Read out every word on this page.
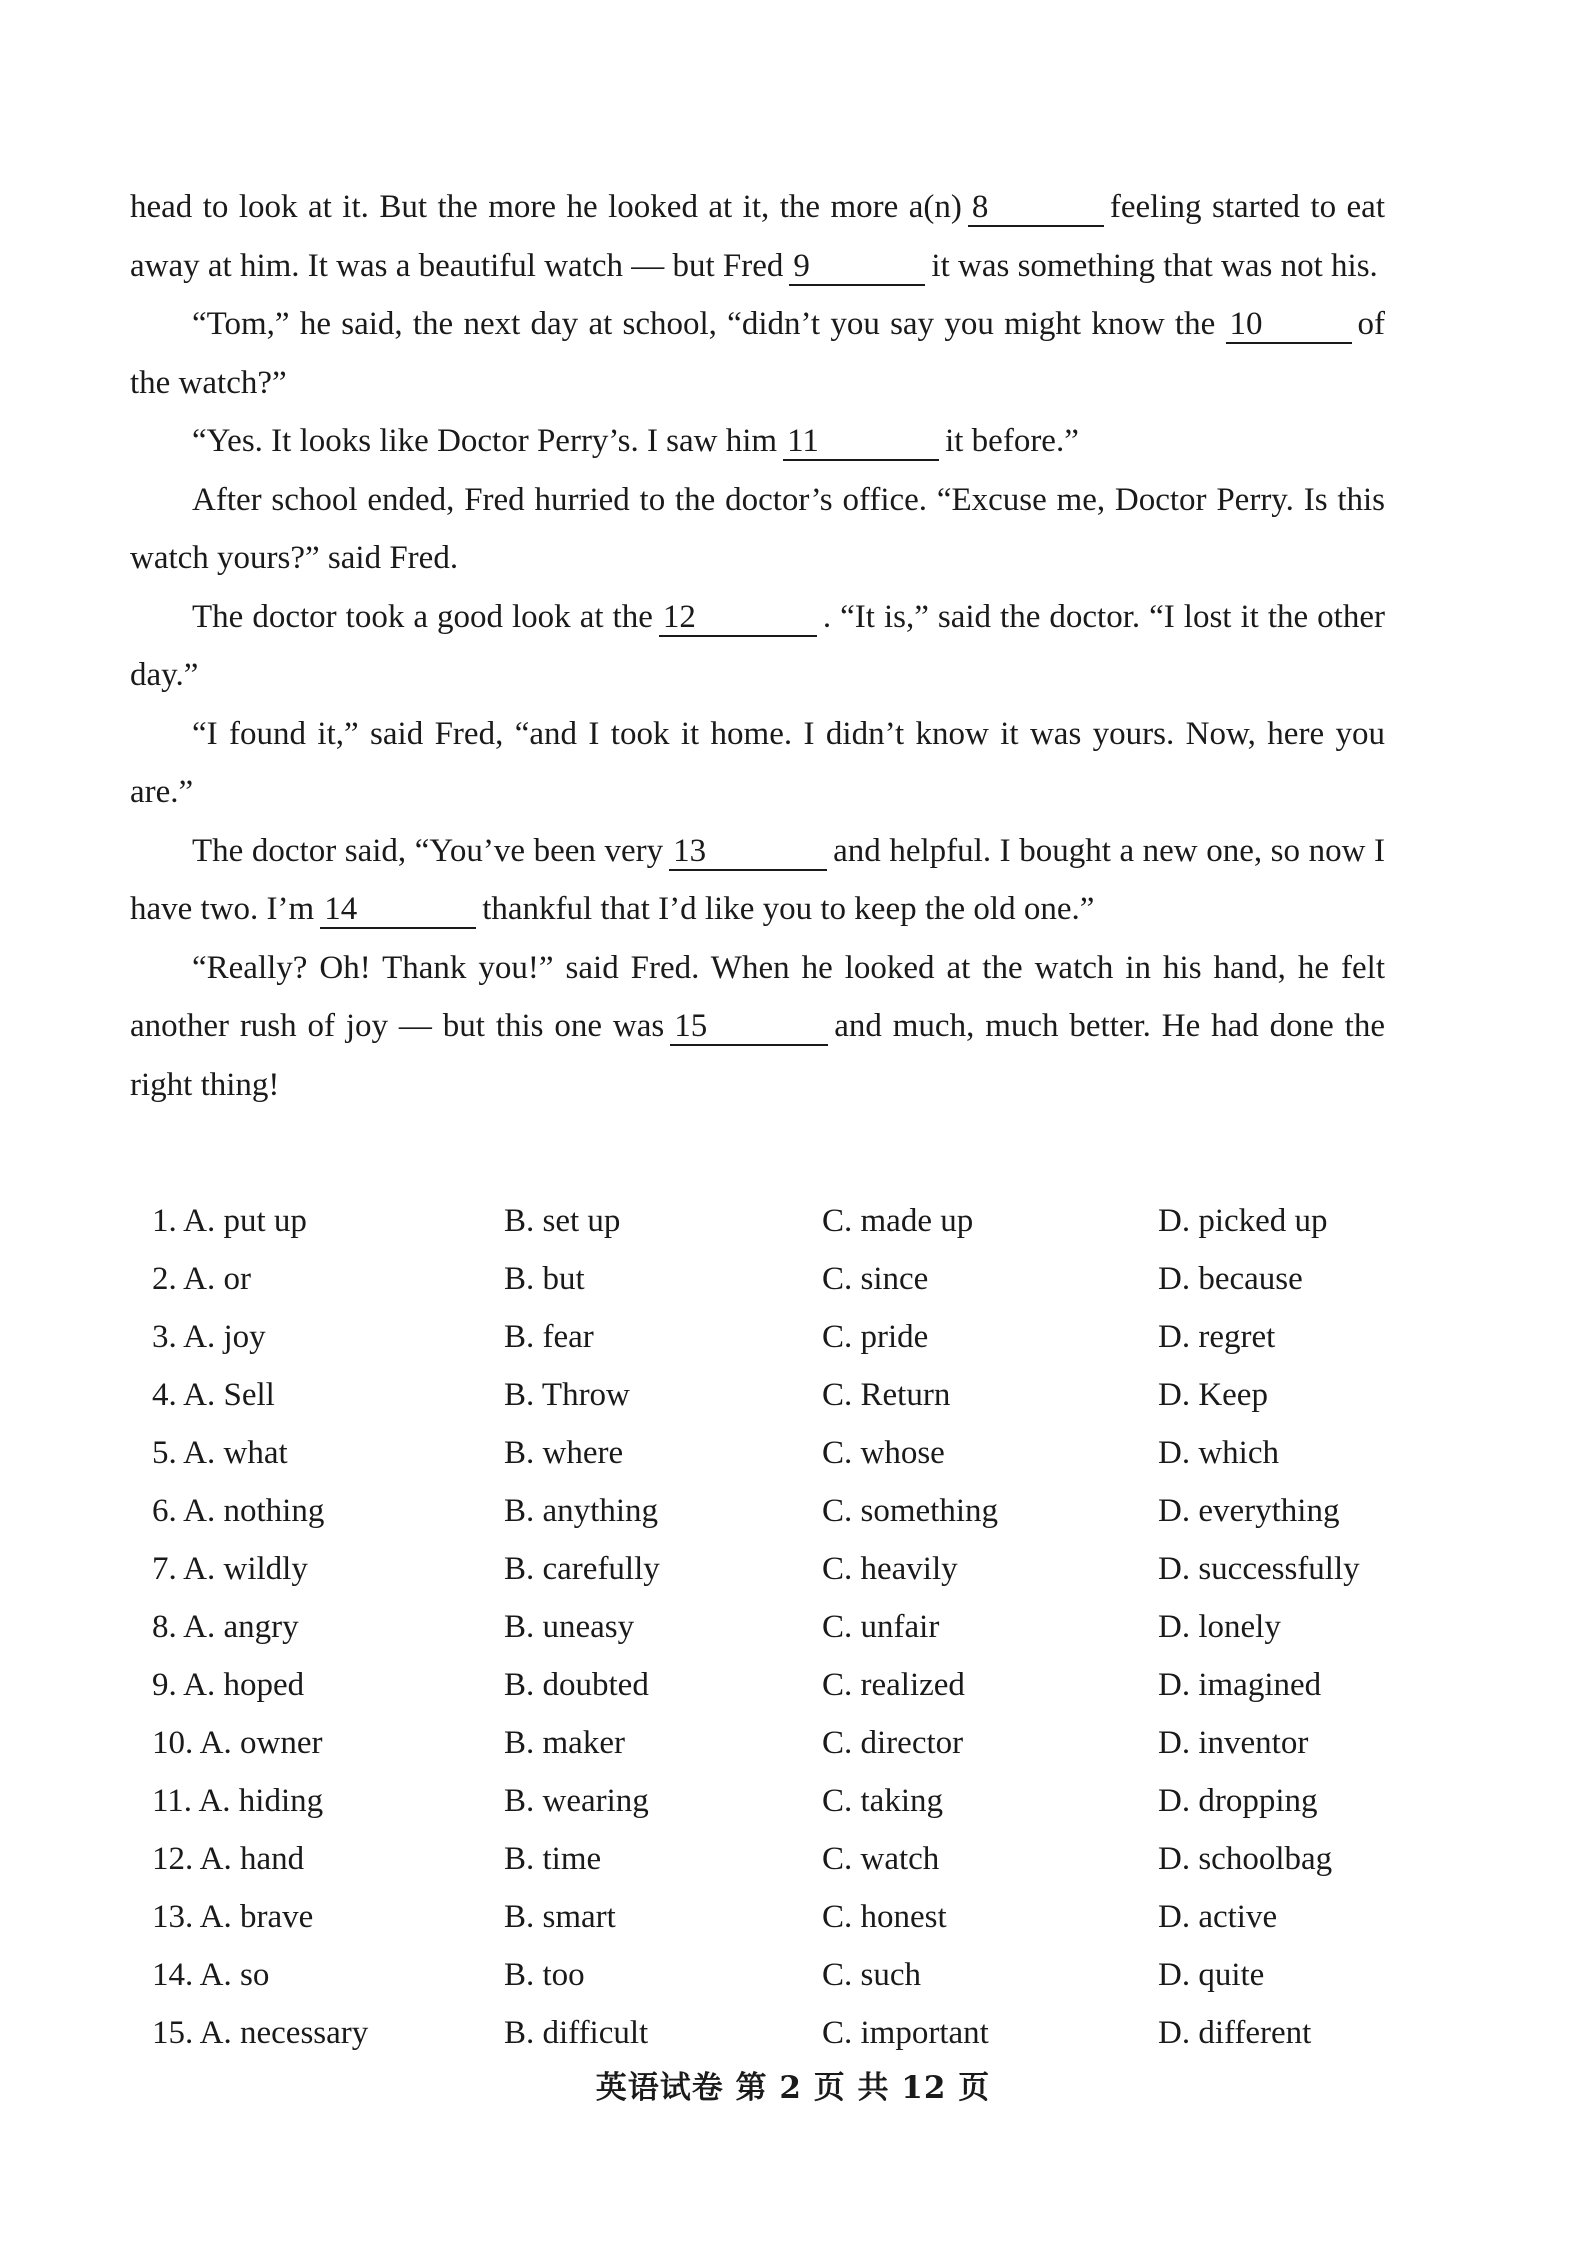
head to look at it. But the more he looked at it, the more a(n) 8	feeling started to eat away at him. It was a beautiful watch — but Fred 9	it was something that was not his.

“Tom,” he said, the next day at school, “didn’t you say you might know the 10	of the watch?”

“Yes. It looks like Doctor Perry’s. I saw him 11	it before.”

After school ended, Fred hurried to the doctor’s office. “Excuse me, Doctor Perry. Is this watch yours?” said Fred.

The doctor took a good look at the 12	. “It is,” said the doctor. “I lost it the other day.”

“I found it,” said Fred, “and I took it home. I didn’t know it was yours. Now, here you are.”

The doctor said, “You’ve been very 13	and helpful. I bought a new one, so now I have two. I’m 14	thankful that I’d like you to keep the old one.”

“Really? Oh! Thank you!” said Fred. When he looked at the watch in his hand, he felt another rush of joy — but this one was 15	and much, much better. He had done the right thing!

1. A. put up	B. set up	C. made up	D. picked up
2. A. or	B. but	C. since	D. because
3. A. joy	B. fear	C. pride	D. regret
4. A. Sell	B. Throw	C. Return	D. Keep
5. A. what	B. where	C. whose	D. which
6. A. nothing	B. anything	C. something	D. everything
7. A. wildly	B. carefully	C. heavily	D. successfully
8. A. angry	B. uneasy	C. unfair	D. lonely
9. A. hoped	B. doubted	C. realized	D. imagined
10. A. owner	B. maker	C. director	D. inventor
11. A. hiding	B. wearing	C. taking	D. dropping
12. A. hand	B. time	C. watch	D. schoolbag
13. A. brave	B. smart	C. honest	D. active
14. A. so	B. too	C. such	D. quite
15. A. necessary	B. difficult	C. important	D. different
英语试卷 第 2 页 共 12 页
